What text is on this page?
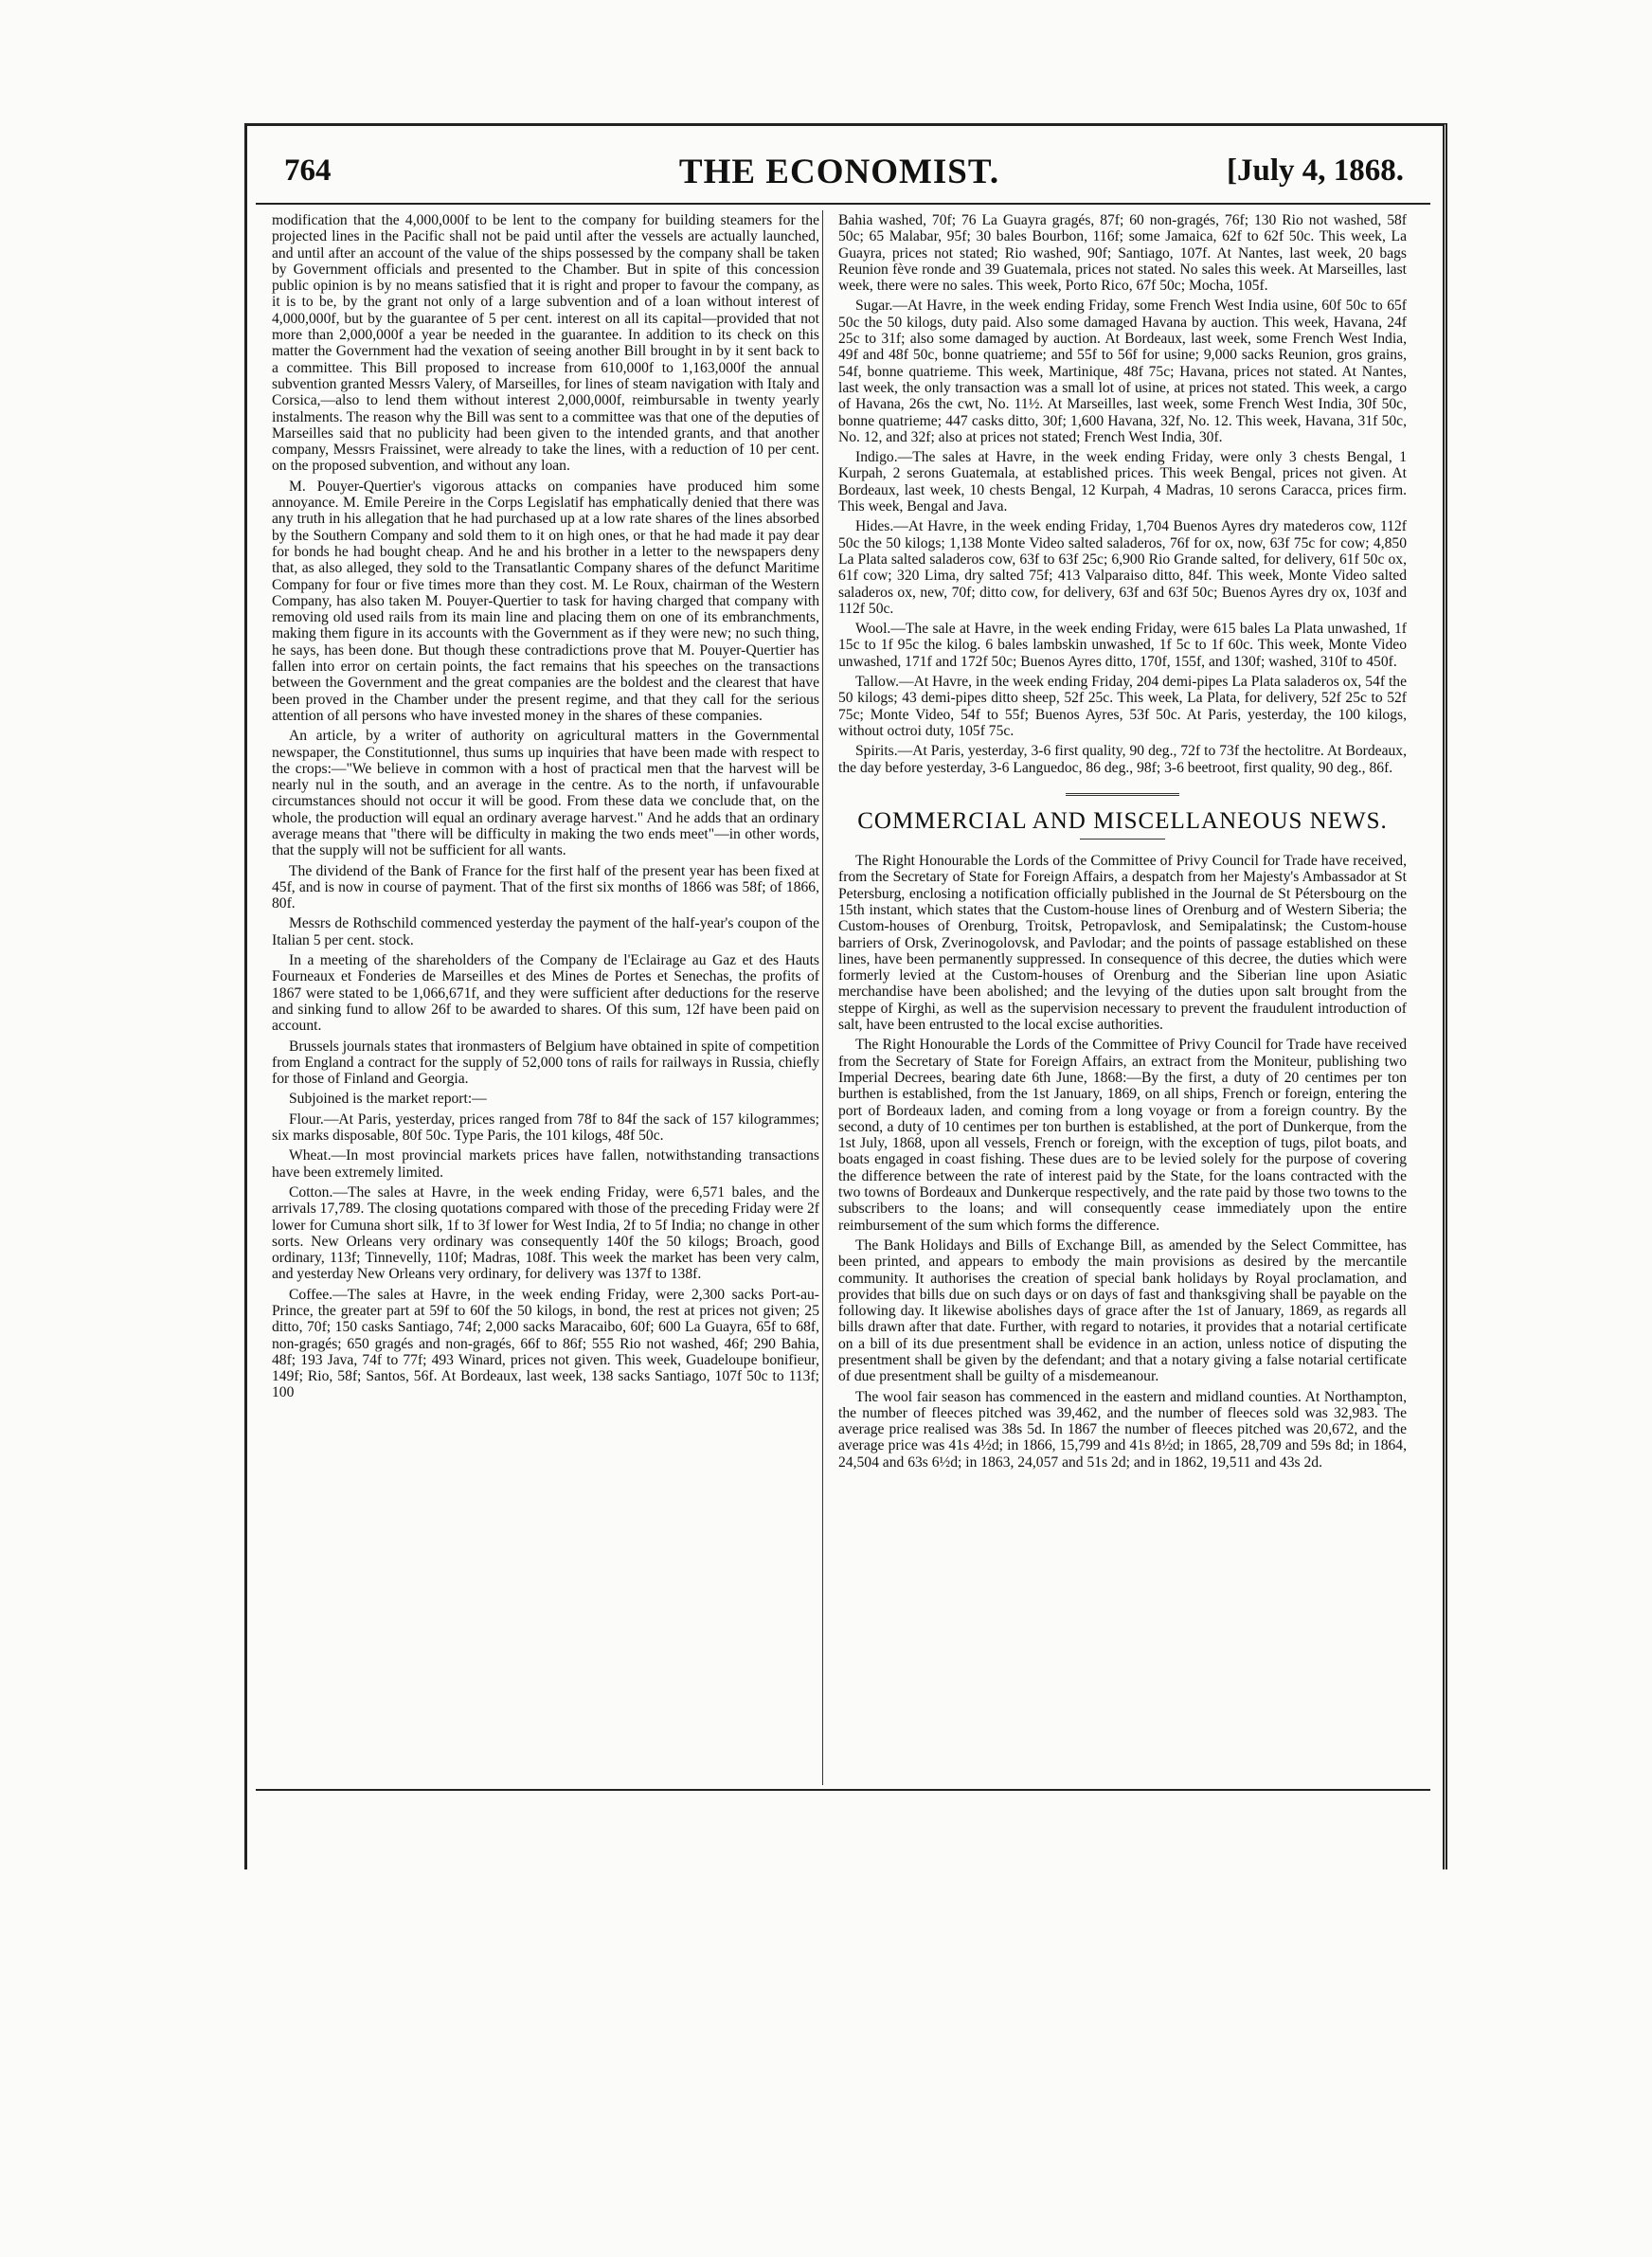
764	THE ECONOMIST.	[July 4, 1868.

modification that the 4,000,000f to be lent to the company for building steamers for the projected lines in the Pacific shall not be paid until after the vessels are actually launched, and until after an account of the value of the ships possessed by the company shall be taken by Government officials and presented to the Chamber. But in spite of this concession public opinion is by no means satisfied that it is right and proper to favour the company, as it is to be, by the grant not only of a large subvention and of a loan without interest of 4,000,000f, but by the guarantee of 5 per cent. interest on all its capital—provided that not more than 2,000,000f a year be needed in the guarantee. In addition to its check on this matter the Government had the vexation of seeing another Bill brought in by it sent back to a committee. This Bill proposed to increase from 610,000f to 1,163,000f the annual subvention granted Messrs Valery, of Marseilles, for lines of steam navigation with Italy and Corsica,—also to lend them without interest 2,000,000f, reimbursable in twenty yearly instalments. The reason why the Bill was sent to a committee was that one of the deputies of Marseilles said that no publicity had been given to the intended grants, and that another company, Messrs Fraissinet, were already to take the lines, with a reduction of 10 per cent. on the proposed subvention, and without any loan.

M. Pouyer-Quertier's vigorous attacks on companies have produced him some annoyance. M. Emile Pereire in the Corps Legislatif has emphatically denied that there was any truth in his allegation that he had purchased up at a low rate shares of the lines absorbed by the Southern Company and sold them to it on high ones, or that he had made it pay dear for bonds he had bought cheap. And he and his brother in a letter to the newspapers deny that, as also alleged, they sold to the Transatlantic Company shares of the defunct Maritime Company for four or five times more than they cost. M. Le Roux, chairman of the Western Company, has also taken M. Pouyer-Quertier to task for having charged that company with removing old used rails from its main line and placing them on one of its embranchments, making them figure in its accounts with the Government as if they were new; no such thing, he says, has been done. But though these contradictions prove that M. Pouyer-Quertier has fallen into error on certain points, the fact remains that his speeches on the transactions between the Government and the great companies are the boldest and the clearest that have been proved in the Chamber under the present regime, and that they call for the serious attention of all persons who have invested money in the shares of these companies.

An article, by a writer of authority on agricultural matters in the Governmental newspaper, the Constitutionnel, thus sums up inquiries that have been made with respect to the crops:—"We believe in common with a host of practical men that the harvest will be nearly nul in the south, and an average in the centre. As to the north, if unfavourable circumstances should not occur it will be good. From these data we conclude that, on the whole, the production will equal an ordinary average harvest." And he adds that an ordinary average means that "there will be difficulty in making the two ends meet"—in other words, that the supply will not be sufficient for all wants.

The dividend of the Bank of France for the first half of the present year has been fixed at 45f, and is now in course of payment. That of the first six months of 1866 was 58f; of 1866, 80f.

Messrs de Rothschild commenced yesterday the payment of the half-year's coupon of the Italian 5 per cent. stock.

In a meeting of the shareholders of the Company de l'Eclairage au Gaz et des Hauts Fourneaux et Fonderies de Marseilles et des Mines de Portes et Senechas, the profits of 1867 were stated to be 1,066,671f, and they were sufficient after deductions for the reserve and sinking fund to allow 26f to be awarded to shares. Of this sum, 12f have been paid on account.

Brussels journals states that ironmasters of Belgium have obtained in spite of competition from England a contract for the supply of 52,000 tons of rails for railways in Russia, chiefly for those of Finland and Georgia.

Subjoined is the market report:—

Flour.—At Paris, yesterday, prices ranged from 78f to 84f the sack of 157 kilogrammes; six marks disposable, 80f 50c. Type Paris, the 101 kilogs, 48f 50c.

Wheat.—In most provincial markets prices have fallen, notwithstanding transactions have been extremely limited.

Cotton.—The sales at Havre, in the week ending Friday, were 6,571 bales, and the arrivals 17,789. The closing quotations compared with those of the preceding Friday were 2f lower for Cumuna short silk, 1f to 3f lower for West India, 2f to 5f India; no change in other sorts. New Orleans very ordinary was consequently 140f the 50 kilogs; Broach, good ordinary, 113f; Tinnevelly, 110f; Madras, 108f. This week the market has been very calm, and yesterday New Orleans very ordinary, for delivery was 137f to 138f.

Coffee.—The sales at Havre, in the week ending Friday, were 2,300 sacks Port-au-Prince, the greater part at 59f to 60f the 50 kilogs, in bond, the rest at prices not given; 25 ditto, 70f; 150 casks Santiago, 74f; 2,000 sacks Maracaibo, 60f; 600 La Guayra, 65f to 68f, non-gragés; 650 gragés and non-gragés, 66f to 86f; 555 Rio not washed, 46f; 290 Bahia, 48f; 193 Java, 74f to 77f; 493 Winard, prices not given. This week, Guadeloupe bonifieur, 149f; Rio, 58f; Santos, 56f. At Bordeaux, last week, 138 sacks Santiago, 107f 50c to 113f; 100

Bahia washed, 70f; 76 La Guayra gragés, 87f; 60 non-gragés, 76f; 130 Rio not washed, 58f 50c; 65 Malabar, 95f; 30 bales Bourbon, 116f; some Jamaica, 62f to 62f 50c. This week, La Guayra, prices not stated; Rio washed, 90f; Santiago, 107f. At Nantes, last week, 20 bags Reunion fève ronde and 39 Guatemala, prices not stated. No sales this week. At Marseilles, last week, there were no sales. This week, Porto Rico, 67f 50c; Mocha, 105f.

Sugar.—At Havre, in the week ending Friday, some French West India usine, 60f 50c to 65f 50c the 50 kilogs, duty paid. Also some damaged Havana by auction. This week, Havana, 24f 25c to 31f; also some damaged by auction. At Bordeaux, last week, some French West India, 49f and 48f 50c, bonne quatrieme; and 55f to 56f for usine; 9,000 sacks Reunion, gros grains, 54f, bonne quatrieme. This week, Martinique, 48f 75c; Havana, prices not stated. At Nantes, last week, the only transaction was a small lot of usine, at prices not stated. This week, a cargo of Havana, 26s the cwt, No. 11½. At Marseilles, last week, some French West India, 30f 50c, bonne quatrieme; 447 casks ditto, 30f; 1,600 Havana, 32f, No. 12. This week, Havana, 31f 50c, No. 12, and 32f; also at prices not stated; French West India, 30f.

Indigo.—The sales at Havre, in the week ending Friday, were only 3 chests Bengal, 1 Kurpah, 2 serons Guatemala, at established prices. This week Bengal, prices not given. At Bordeaux, last week, 10 chests Bengal, 12 Kurpah, 4 Madras, 10 serons Caracca, prices firm. This week, Bengal and Java.

Hides.—At Havre, in the week ending Friday, 1,704 Buenos Ayres dry matederos cow, 112f 50c the 50 kilogs; 1,138 Monte Video salted saladeros, 76f for ox, now, 63f 75c for cow; 4,850 La Plata salted saladeros cow, 63f to 63f 25c; 6,900 Rio Grande salted, for delivery, 61f 50c ox, 61f cow; 320 Lima, dry salted 75f; 413 Valparaiso ditto, 84f. This week, Monte Video salted saladeros ox, new, 70f; ditto cow, for delivery, 63f and 63f 50c; Buenos Ayres dry ox, 103f and 112f 50c.

Wool.—The sale at Havre, in the week ending Friday, were 615 bales La Plata unwashed, 1f 15c to 1f 95c the kilog. 6 bales lambskin unwashed, 1f 5c to 1f 60c. This week, Monte Video unwashed, 171f and 172f 50c; Buenos Ayres ditto, 170f, 155f, and 130f; washed, 310f to 450f.

Tallow.—At Havre, in the week ending Friday, 204 demi-pipes La Plata saladeros ox, 54f the 50 kilogs; 43 demi-pipes ditto sheep, 52f 25c. This week, La Plata, for delivery, 52f 25c to 52f 75c; Monte Video, 54f to 55f; Buenos Ayres, 53f 50c. At Paris, yesterday, the 100 kilogs, without octroi duty, 105f 75c.

Spirits.—At Paris, yesterday, 3-6 first quality, 90 deg., 72f to 73f the hectolitre. At Bordeaux, the day before yesterday, 3-6 Languedoc, 86 deg., 98f; 3-6 beetroot, first quality, 90 deg., 86f.

COMMERCIAL AND MISCELLANEOUS NEWS.

The Right Honourable the Lords of the Committee of Privy Council for Trade have received, from the Secretary of State for Foreign Affairs, a despatch from her Majesty's Ambassador at St Petersburg, enclosing a notification officially published in the Journal de St Pétersbourg on the 15th instant, which states that the Custom-house lines of Orenburg and of Western Siberia; the Custom-houses of Orenburg, Troitsk, Petropavlosk, and Semipalatinsk; the Custom-house barriers of Orsk, Zverinogolovsk, and Pavlodar; and the points of passage established on these lines, have been permanently suppressed. In consequence of this decree, the duties which were formerly levied at the Custom-houses of Orenburg and the Siberian line upon Asiatic merchandise have been abolished; and the levying of the duties upon salt brought from the steppe of Kirghi, as well as the supervision necessary to prevent the fraudulent introduction of salt, have been entrusted to the local excise authorities.

The Right Honourable the Lords of the Committee of Privy Council for Trade have received from the Secretary of State for Foreign Affairs, an extract from the Moniteur, publishing two Imperial Decrees, bearing date 6th June, 1868:—By the first, a duty of 20 centimes per ton burthen is established, from the 1st January, 1869, on all ships, French or foreign, entering the port of Bordeaux laden, and coming from a long voyage or from a foreign country. By the second, a duty of 10 centimes per ton burthen is established, at the port of Dunkerque, from the 1st July, 1868, upon all vessels, French or foreign, with the exception of tugs, pilot boats, and boats engaged in coast fishing. These dues are to be levied solely for the purpose of covering the difference between the rate of interest paid by the State, for the loans contracted with the two towns of Bordeaux and Dunkerque respectively, and the rate paid by those two towns to the subscribers to the loans; and will consequently cease immediately upon the entire reimbursement of the sum which forms the difference.

The Bank Holidays and Bills of Exchange Bill, as amended by the Select Committee, has been printed, and appears to embody the main provisions as desired by the mercantile community. It authorises the creation of special bank holidays by Royal proclamation, and provides that bills due on such days or on days of fast and thanksgiving shall be payable on the following day. It likewise abolishes days of grace after the 1st of January, 1869, as regards all bills drawn after that date. Further, with regard to notaries, it provides that a notarial certificate on a bill of its due presentment shall be evidence in an action, unless notice of disputing the presentment shall be given by the defendant; and that a notary giving a false notarial certificate of due presentment shall be guilty of a misdemeanour.

The wool fair season has commenced in the eastern and midland counties. At Northampton, the number of fleeces pitched was 39,462, and the number of fleeces sold was 32,983. The average price realised was 38s 5d. In 1867 the number of fleeces pitched was 20,672, and the average price was 41s 4½d; in 1866, 15,799 and 41s 8½d; in 1865, 28,709 and 59s 8d; in 1864, 24,504 and 63s 6½d; in 1863, 24,057 and 51s 2d; and in 1862, 19,511 and 43s 2d.
